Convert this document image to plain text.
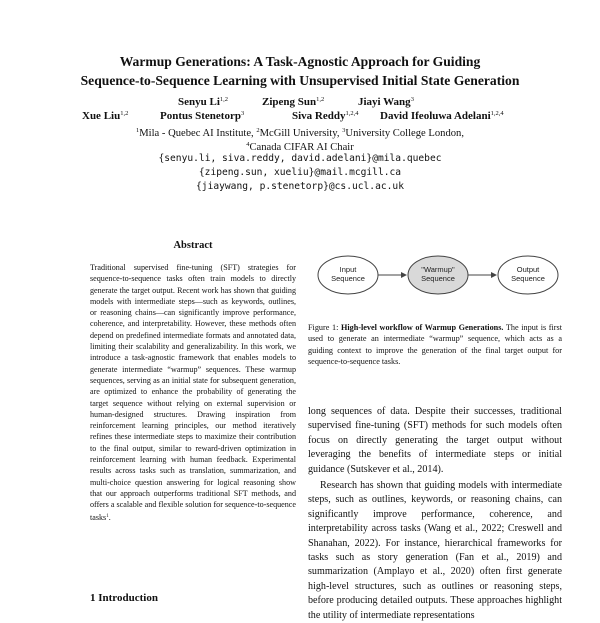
Warmup Generations: A Task-Agnostic Approach for Guiding
Sequence-to-Sequence Learning with Unsupervised Initial State Generation
Senyu Li$^{1,2}$	Zipeng Sun$^{1,2}$	Jiayi Wang$^3$
Xue Liu$^{1,2}$	Pontus Stenetorp$^3$	Siva Reddy$^{1,2,4}$ David Ifeoluwa Adelani$^{1,2,4}$
$^1$Mila - Quebec AI Institute, $^2$McGill University, $^3$University College London,
$^4$Canada CIFAR AI Chair
{senyu.li, siva.reddy, david.adelani}@mila.quebec
{zipeng.sun, xueliu}@mail.mcgill.ca
{jiaywang, p.stenetorp}@cs.ucl.ac.uk
Abstract
Traditional supervised fine-tuning (SFT) strategies for sequence-to-sequence tasks often train models to directly generate the target output. Recent work has shown that guiding models with intermediate steps—such as keywords, outlines, or reasoning chains—can significantly improve performance, coherence, and interpretability. However, these methods often depend on predefined intermediate formats and annotated data, limiting their scalability and generalizability. In this work, we introduce a task-agnostic framework that enables models to generate intermediate “warmup” sequences. These warmup sequences, serving as an initial state for subsequent generation, are optimized to enhance the probability of generating the target sequence without relying on external supervision or human-designed structures. Drawing inspiration from reinforcement learning principles, our method iteratively refines these intermediate steps to maximize their contribution to the final output, similar to reward-driven optimization in reinforcement learning with human feedback. Experimental results across tasks such as translation, summarization, and multi-choice question answering for logical reasoning show that our approach outperforms traditional SFT methods, and offers a scalable and flexible solution for sequence-to-sequence tasks$^1$.
Input
Sequence
"Warmup"
Sequence
Output
Sequence
Figure 1: High-level workflow of Warmup Generations. The input is first used to generate an intermediate “warmup” sequence, which acts as a guiding context to improve the generation of the final target output for sequence-to-sequence tasks.

long sequences of data. Despite their successes, traditional supervised fine-tuning (SFT) methods for such models often focus on directly generating the target output without leveraging the benefits of intermediate steps or initial guidance (Sutskever et al., 2014).

Research has shown that guiding models with intermediate steps, such as outlines, keywords, or reasoning chains, can significantly improve performance, coherence, and interpretability across tasks (Wang et al., 2022; Creswell and Shanahan, 2022). For instance, hierarchical frameworks for tasks such as story generation (Fan et al., 2019) and summarization (Amplayo et al., 2020) often first generate high-level structures, such as outlines or reasoning steps, before producing detailed outputs. These approaches highlight the utility of intermediate representations

1 Introduction
